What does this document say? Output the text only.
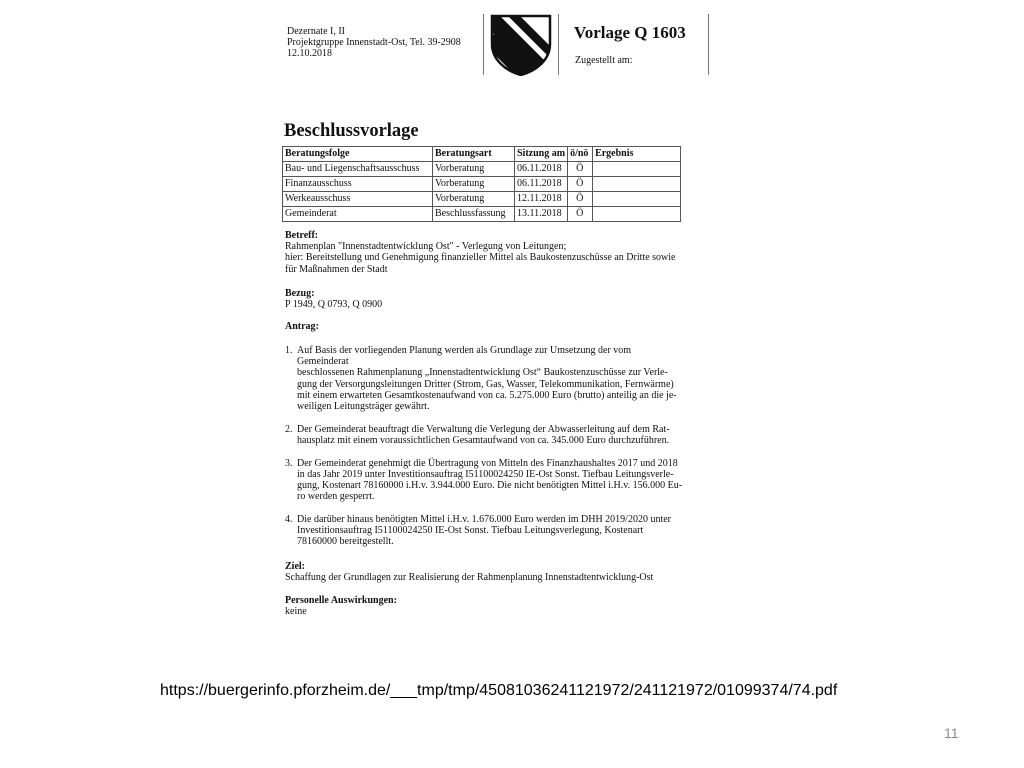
Dezernate I, II
Projektgruppe Innenstadt-Ost, Tel. 39-2908
12.10.2018
Vorlage Q 1603
Zugestellt am:
Beschlussvorlage
Beratungsfolge	Beratungsart	Sitzung am	ö/nö	Ergebnis
Bau- und Liegenschaftsausschuss	Vorberatung	06.11.2018	Ö	
Finanzausschuss	Vorberatung	06.11.2018	Ö	
Werkeausschuss	Vorberatung	12.11.2018	Ö	
Gemeinderat	Beschlussfassung	13.11.2018	Ö	
Betreff:
Rahmenplan "Innenstadtentwicklung Ost" - Verlegung von Leitungen;
hier: Bereitstellung und Genehmigung finanzieller Mittel als Baukostenzuschüsse an Dritte sowie
für Maßnahmen der Stadt
Bezug:
P 1949, Q 0793, Q 0900
Antrag:
1. Auf Basis der vorliegenden Planung werden als Grundlage zur Umsetzung der vom Gemeinderat
beschlossenen Rahmenplanung „Innenstadtentwicklung Ost“ Baukostenzuschüsse zur Verle-
gung der Versorgungsleitungen Dritter (Strom, Gas, Wasser, Telekommunikation, Fernwärme)
mit einem erwarteten Gesamtkostenaufwand von ca. 5.275.000 Euro (brutto) anteilig an die je-
weiligen Leitungsträger gewährt.
2. Der Gemeinderat beauftragt die Verwaltung die Verlegung der Abwasserleitung auf dem Rat-
hausplatz mit einem voraussichtlichen Gesamtaufwand von ca. 345.000 Euro durchzuführen.
3. Der Gemeinderat genehmigt die Übertragung von Mitteln des Finanzhaushaltes 2017 und 2018
in das Jahr 2019 unter Investitionsauftrag I51100024250 IE-Ost Sonst. Tiefbau Leitungsverle-
gung, Kostenart 78160000 i.H.v. 3.944.000 Euro. Die nicht benötigten Mittel i.H.v. 156.000 Eu-
ro werden gesperrt.
4. Die darüber hinaus benötigten Mittel i.H.v. 1.676.000 Euro werden im DHH 2019/2020 unter
Investitionsauftrag I51100024250 IE-Ost Sonst. Tiefbau Leitungsverlegung, Kostenart
78160000 bereitgestellt.
Ziel:
Schaffung der Grundlagen zur Realisierung der Rahmenplanung Innenstadtentwicklung-Ost
Personelle Auswirkungen:
keine
https://buergerinfo.pforzheim.de/___tmp/tmp/45081036241121972/241121972/01099374/74.pdf
11
